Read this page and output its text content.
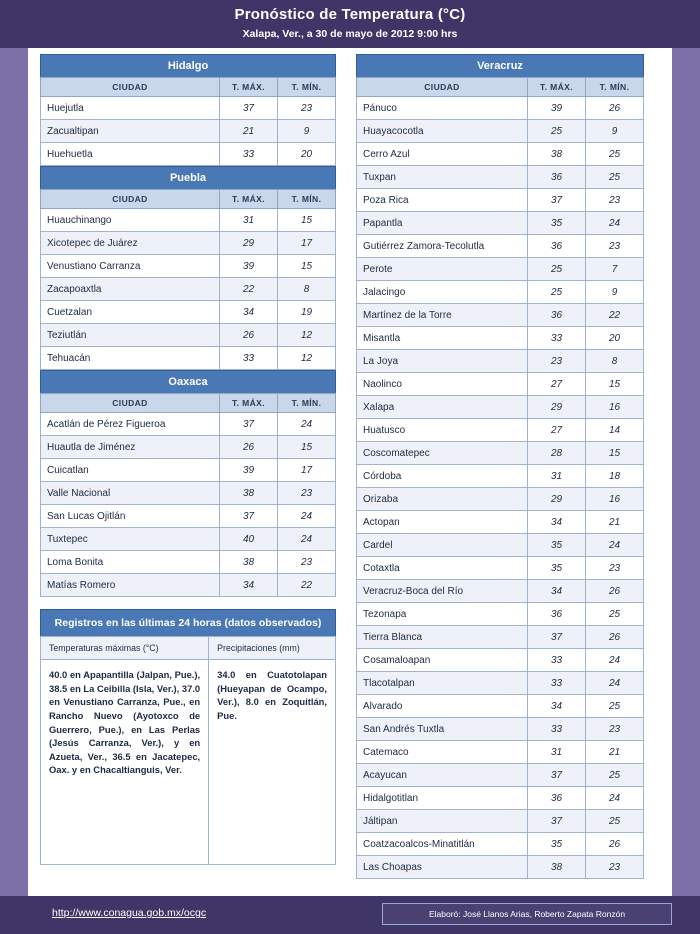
Pronóstico de Temperatura (°C)
Xalapa, Ver., a 30 de mayo de 2012 9:00 hrs
Hidalgo
CIUDAD	T. MÁX.	T. MÍN.
Huejutla	37	23
Zacualtipan	21	9
Huehuetla	33	20
Puebla
CIUDAD	T. MÁX.	T. MÍN.
Huauchinango	31	15
Xicotepec de Juárez	29	17
Venustiano Carranza	39	15
Zacapoaxtla	22	8
Cuetzalan	34	19
Teziutlán	26	12
Tehuacán	33	12
Oaxaca
CIUDAD	T. MÁX.	T. MÍN.
Acatlán de Pérez Figueroa	37	24
Huautla de Jiménez	26	15
Cuicatlan	39	17
Valle Nacional	38	23
San Lucas Ojitlán	37	24
Tuxtepec	40	24
Loma Bonita	38	23
Matías Romero	34	22
Registros en las últimas 24 horas (datos observados)
Temperaturas máximas (°C)	Precipitaciones (mm)
40.0 en Apapantilla (Jalpan, Pue.), 38.5 en La Ceibilla (Isla, Ver.), 37.0 en Venustiano Carranza, Pue., en Rancho Nuevo (Ayotoxco de Guerrero, Pue.), en Las Perlas (Jesús Carranza, Ver.), y en Azueta, Ver., 36.5 en Jacatepec, Oax. y en Chacaltianguis, Ver.	34.0 en Cuatotolapan (Hueyapan de Ocampo, Ver.), 8.0 en Zoquitlán, Pue.
Veracruz
CIUDAD	T. MÁX.	T. MÍN.
Pánuco	39	26
Huayacocotla	25	9
Cerro Azul	38	25
Tuxpan	36	25
Poza Rica	37	23
Papantla	35	24
Gutiérrez Zamora-Tecolutla	36	23
Perote	25	7
Jalacingo	25	9
Martínez de la Torre	36	22
Misantla	33	20
La Joya	23	8
Naolinco	27	15
Xalapa	29	16
Huatusco	27	14
Coscomatepec	28	15
Córdoba	31	18
Orizaba	29	16
Actopan	34	21
Cardel	35	24
Cotaxtla	35	23
Veracruz-Boca del Río	34	26
Tezonapa	36	25
Tierra Blanca	37	26
Cosamaloapan	33	24
Tlacotalpan	33	24
Alvarado	34	25
San Andrés Tuxtla	33	23
Catemaco	31	21
Acayucan	37	25
Hidalgotitlan	36	24
Jáltipan	37	25
Coatzacoalcos-Minatitlán	35	26
Las Choapas	38	23
http://www.conagua.gob.mx/ocgc	Elaboró: José Llanos Arias, Roberto Zapata Ronzón
